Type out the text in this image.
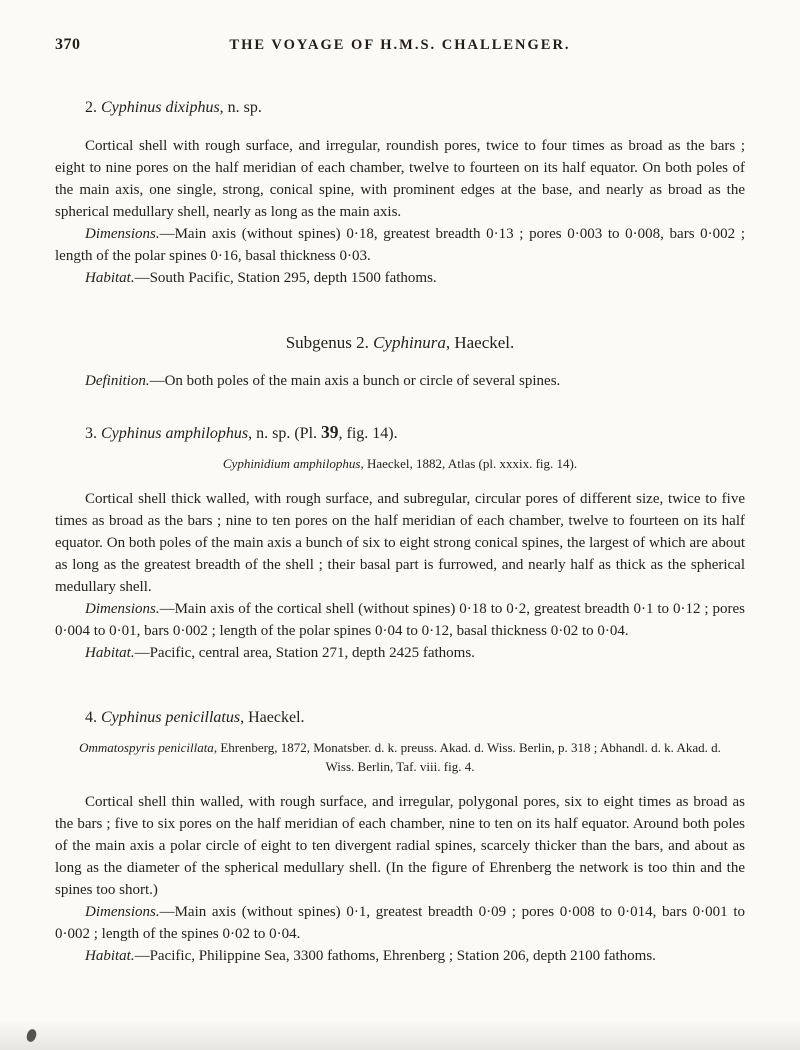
370	THE VOYAGE OF H.M.S. CHALLENGER.
2. Cyphinus dixiphus, n. sp.

Cortical shell with rough surface, and irregular, roundish pores, twice to four times as broad as the bars ; eight to nine pores on the half meridian of each chamber, twelve to fourteen on its half equator. On both poles of the main axis, one single, strong, conical spine, with prominent edges at the base, and nearly as broad as the spherical medullary shell, nearly as long as the main axis.

Dimensions.—Main axis (without spines) 0·18, greatest breadth 0·13 ; pores 0·003 to 0·008, bars 0·002 ; length of the polar spines 0·16, basal thickness 0·03.

Habitat.—South Pacific, Station 295, depth 1500 fathoms.

Subgenus 2. Cyphinura, Haeckel.

Definition.—On both poles of the main axis a bunch or circle of several spines.

3. Cyphinus amphilophus, n. sp. (Pl. 39, fig. 14).

Cyphinidium amphilophus, Haeckel, 1882, Atlas (pl. xxxix. fig. 14).

Cortical shell thick walled, with rough surface, and subregular, circular pores of different size, twice to five times as broad as the bars ; nine to ten pores on the half meridian of each chamber, twelve to fourteen on its half equator. On both poles of the main axis a bunch of six to eight strong conical spines, the largest of which are about as long as the greatest breadth of the shell ; their basal part is furrowed, and nearly half as thick as the spherical medullary shell.

Dimensions.—Main axis of the cortical shell (without spines) 0·18 to 0·2, greatest breadth 0·1 to 0·12 ; pores 0·004 to 0·01, bars 0·002 ; length of the polar spines 0·04 to 0·12, basal thickness 0·02 to 0·04.

Habitat.—Pacific, central area, Station 271, depth 2425 fathoms.

4. Cyphinus penicillatus, Haeckel.

Ommatospyris penicillata, Ehrenberg, 1872, Monatsber. d. k. preuss. Akad. d. Wiss. Berlin, p. 318 ; Abhandl. d. k. Akad. d. Wiss. Berlin, Taf. viii. fig. 4.

Cortical shell thin walled, with rough surface, and irregular, polygonal pores, six to eight times as broad as the bars ; five to six pores on the half meridian of each chamber, nine to ten on its half equator. Around both poles of the main axis a polar circle of eight to ten divergent radial spines, scarcely thicker than the bars, and about as long as the diameter of the spherical medullary shell. (In the figure of Ehrenberg the network is too thin and the spines too short.)

Dimensions.—Main axis (without spines) 0·1, greatest breadth 0·09 ; pores 0·008 to 0·014, bars 0·001 to 0·002 ; length of the spines 0·02 to 0·04.

Habitat.—Pacific, Philippine Sea, 3300 fathoms, Ehrenberg ; Station 206, depth 2100 fathoms.
